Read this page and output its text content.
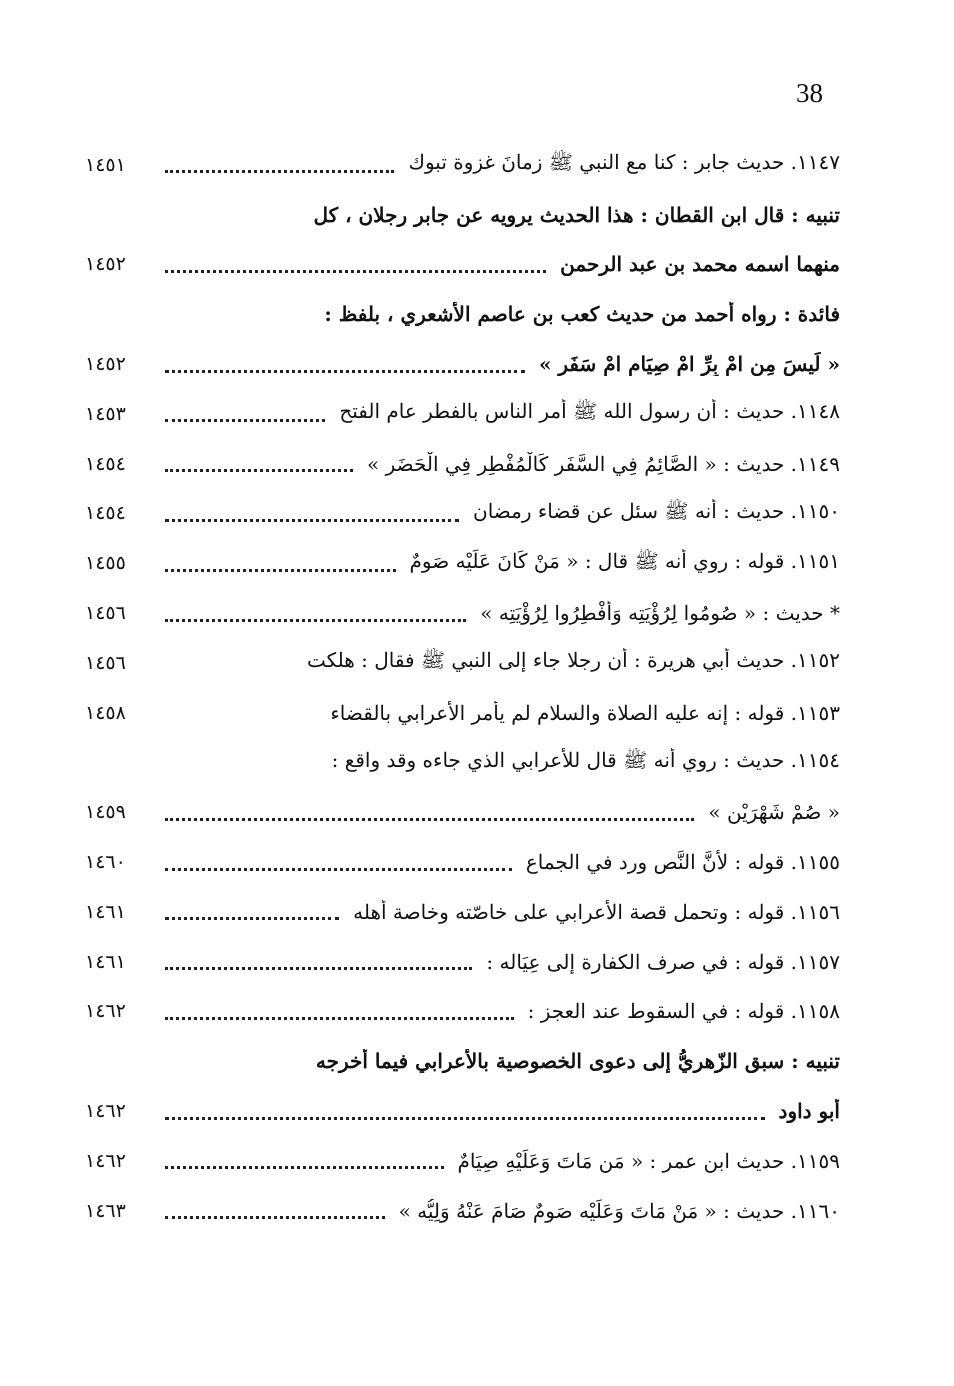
38
١١٤٧. حديث جابر : كنا مع النبي ﷺ زمانَ غزوة تبوك
١٤٥١
تنبيه : قال ابن القطان : هذا الحديث يرويه عن جابر رجلان ، كل
منهما اسمه محمد بن عبد الرحمن
١٤٥٢
فائدة : رواه أحمد من حديث كعب بن عاصم الأشعري ، بلفظ :
« لَيسَ مِن امْ بِرِّ امْ صِيَامِ امْ سَفَر »
١٤٥٢
١١٤٨. حديث : أن رسول الله ﷺ أمر الناس بالفطر عام الفتح
١٤٥٣
١١٤٩. حديث : « الصَّائِمُ فِي السَّفَرِ كَالْمُفْطِرِ فِي الْحَضَرِ »
١٤٥٤
١١٥٠. حديث : أنه ﷺ سئل عن قضاء رمضان
١٤٥٤
١١٥١. قوله : روي أنه ﷺ قال : « مَنْ كَانَ عَلَيْه صَومٌ
١٤٥٥
* حديث : « صُومُوا لِرُؤْيَتِه وَأَفْطِرُوا لِرُؤْيَتِه »
١٤٥٦
١١٥٢. حديث أبي هريرة : أن رجلا جاء إلى النبي ﷺ فقال : هلكت
١٤٥٦
١١٥٣. قوله : إنه عليه الصلاة والسلام لم يأمر الأعرابي بالقضاء
١٤٥٨
١١٥٤. حديث : روي أنه ﷺ قال للأعرابي الذي جاءه وقد واقع :
« صُمْ شَهْرَيْن »
١٤٥٩
١١٥٥. قوله : لأنَّ النَّص ورد في الجماع
١٤٦٠
١١٥٦. قوله : وتحمل قصة الأعرابي على خاصّته وخاصة أهله
١٤٦١
١١٥٧. قوله : في صرف الكفارة إلى عِيَاله :
١٤٦١
١١٥٨. قوله : في السقوط عند العجز :
١٤٦٢
تنبيه : سبق الزّهريُّ إلى دعوى الخصوصية بالأعرابي فيما أخرجه
أبو داود
١٤٦٢
١١٥٩. حديث ابن عمر : « مَن مَاتَ وَعَلَيْهِ صِيَامٌ
١٤٦٢
١١٦٠. حديث : « مَنْ مَاتَ وَعَلَيْه صَومٌ صَامَ عَنْهُ وَلِيُّه »
١٤٦٣
